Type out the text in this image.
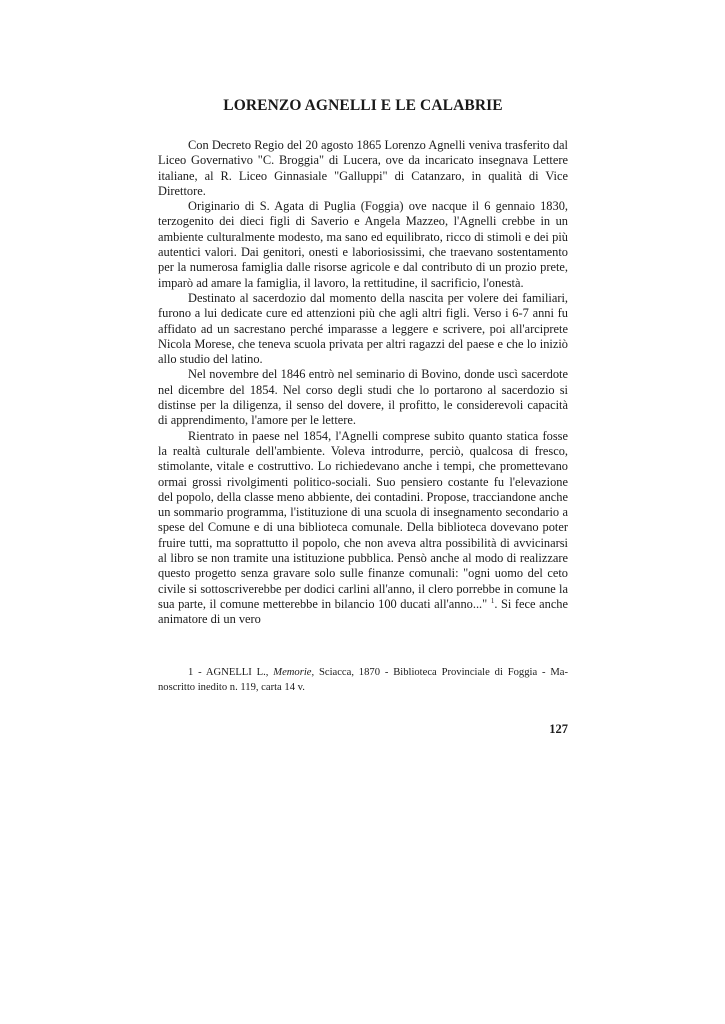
LORENZO AGNELLI E LE CALABRIE

Con Decreto Regio del 20 agosto 1865 Lorenzo Agnelli veniva trasferito dal Liceo Governativo "C. Broggia" di Lucera, ove da incaricato insegnava Lettere italiane, al R. Liceo Ginnasiale "Galluppi" di Catanzaro, in qualità di Vice Direttore.

Originario di S. Agata di Puglia (Foggia) ove nacque il 6 gennaio 1830, terzogenito dei dieci figli di Saverio e Angela Mazzeo, l'Agnelli crebbe in un ambiente culturalmente modesto, ma sano ed equilibrato, ricco di stimoli e dei più autentici valori. Dai genitori, onesti e laboriosissimi, che traevano sostentamento per la numerosa famiglia dalle risorse agricole e dal contributo di un prozio prete, imparò ad amare la famiglia, il lavoro, la rettitudine, il sacrificio, l'onestà.

Destinato al sacerdozio dal momento della nascita per volere dei familiari, furono a lui dedicate cure ed attenzioni più che agli altri figli. Verso i 6-7 anni fu affidato ad un sacrestano perché imparasse a leggere e scrivere, poi all'arciprete Nicola Morese, che teneva scuola privata per altri ragazzi del paese e che lo iniziò allo studio del latino.

Nel novembre del 1846 entrò nel seminario di Bovino, donde uscì sacerdote nel dicembre del 1854. Nel corso degli studi che lo portarono al sacerdozio si distinse per la diligenza, il senso del dovere, il profitto, le considerevoli capacità di apprendimento, l'amore per le lettere.

Rientrato in paese nel 1854, l'Agnelli comprese subito quanto statica fosse la realtà culturale dell'ambiente. Voleva introdurre, perciò, qualcosa di fresco, stimolante, vitale e costruttivo. Lo richiedevano anche i tempi, che promettevano ormai grossi rivolgimenti politico-sociali. Suo pensiero costante fu l'elevazione del popolo, della classe meno abbiente, dei contadini. Propose, tracciandone anche un sommario programma, l'istituzione di una scuola di insegnamento secondario a spese del Comune e di una biblioteca comunale. Della biblioteca dovevano poter fruire tutti, ma soprattutto il popolo, che non aveva altra possibilità di avvicinarsi al libro se non tramite una istituzione pubblica. Pensò anche al modo di realizzare questo progetto senza gravare solo sulle finanze comunali: "ogni uomo del ceto civile si sottoscriverebbe per dodici carlini all'anno, il clero porrebbe in comune la sua parte, il comune metterebbe in bilancio 100 ducati all'anno..." $^1$. Si fece anche animatore di un vero

1 - AGNELLI L., Memorie, Sciacca, 1870 - Biblioteca Provinciale di Foggia - Manoscritto inedito n. 119, carta 14 v.

127
